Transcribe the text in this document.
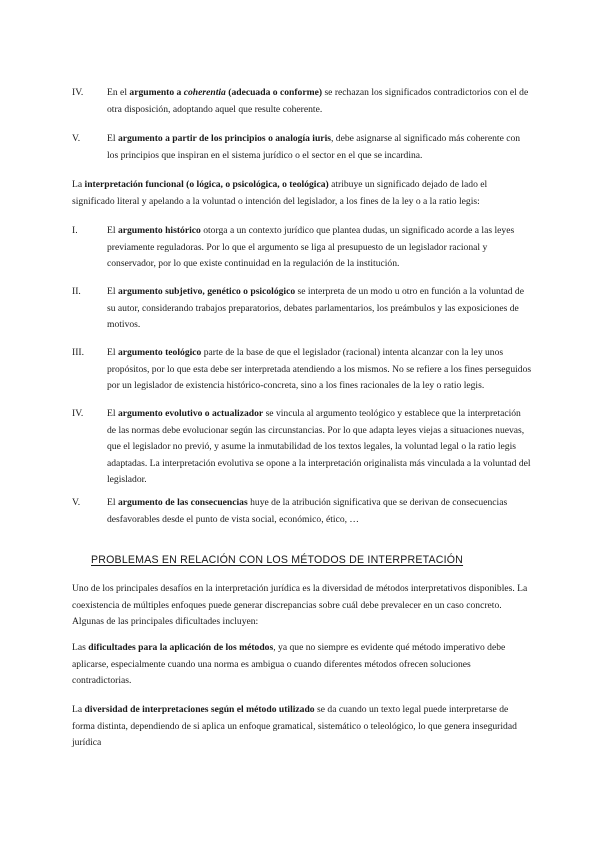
IV.	En el argumento a coherentia (adecuada o conforme) se rechazan los significados contradictorios con el de otra disposición, adoptando aquel que resulte coherente.
V.	El argumento a partir de los principios o analogía iuris, debe asignarse al significado más coherente con los principios que inspiran en el sistema jurídico o el sector en el que se incardina.
La interpretación funcional (o lógica, o psicológica, o teológica) atribuye un significado dejado de lado el significado literal y apelando a la voluntad o intención del legislador, a los fines de la ley o a la ratio legis:
I.	El argumento histórico otorga a un contexto jurídico que plantea dudas, un significado acorde a las leyes previamente reguladoras. Por lo que el argumento se liga al presupuesto de un legislador racional y conservador, por lo que existe continuidad en la regulación de la institución.
II.	El argumento subjetivo, genético o psicológico se interpreta de un modo u otro en función a la voluntad de su autor, considerando trabajos preparatorios, debates parlamentarios, los preámbulos y las exposiciones de motivos.
III.	El argumento teológico parte de la base de que el legislador (racional) intenta alcanzar con la ley unos propósitos, por lo que esta debe ser interpretada atendiendo a los mismos. No se refiere a los fines perseguidos por un legislador de existencia histórico-concreta, sino a los fines racionales de la ley o ratio legis.
IV.	El argumento evolutivo o actualizador se vincula al argumento teológico y establece que la interpretación de las normas debe evolucionar según las circunstancias. Por lo que adapta leyes viejas a situaciones nuevas, que el legislador no previó, y asume la inmutabilidad de los textos legales, la voluntad legal o la ratio legis adaptadas. La interpretación evolutiva se opone a la interpretación originalista más vinculada a la voluntad del legislador.
V.	El argumento de las consecuencias huye de la atribución significativa que se derivan de consecuencias desfavorables desde el punto de vista social, económico, ético, …
PROBLEMAS EN RELACIÓN CON LOS MÉTODOS DE INTERPRETACIÓN
Uno de los principales desafíos en la interpretación jurídica es la diversidad de métodos interpretativos disponibles. La coexistencia de múltiples enfoques puede generar discrepancias sobre cuál debe prevalecer en un caso concreto. Algunas de las principales dificultades incluyen:
Las dificultades para la aplicación de los métodos, ya que no siempre es evidente qué método imperativo debe aplicarse, especialmente cuando una norma es ambigua o cuando diferentes métodos ofrecen soluciones contradictorias.
La diversidad de interpretaciones según el método utilizado se da cuando un texto legal puede interpretarse de forma distinta, dependiendo de si aplica un enfoque gramatical, sistemático o teleológico, lo que genera inseguridad jurídica
